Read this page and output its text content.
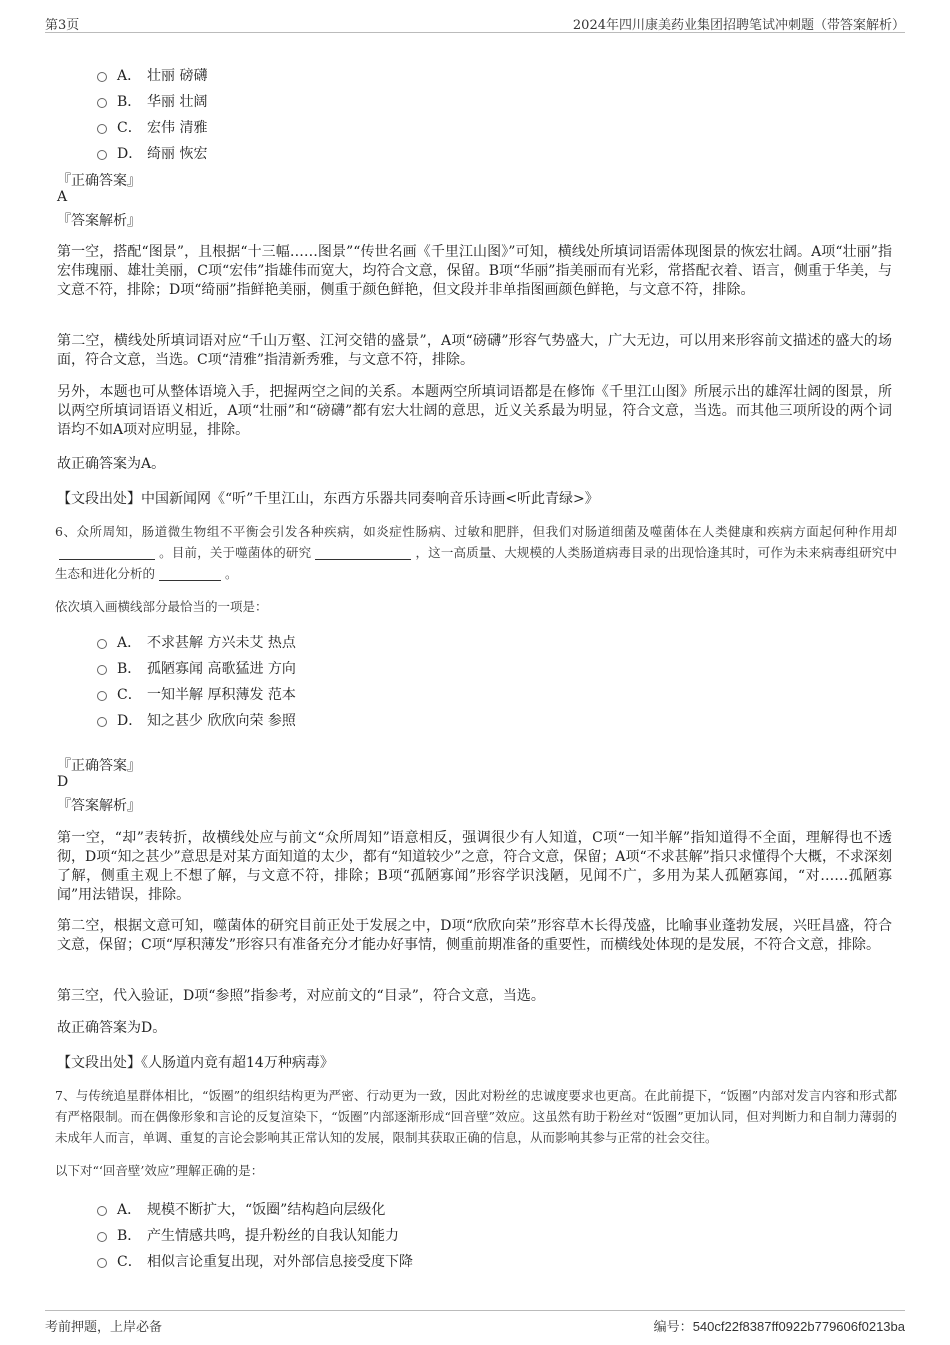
第3页	2024年四川康美药业集团招聘笔试冲刺题（带答案解析）
A． 壮丽 磅礴
B． 华丽 壮阔
C． 宏伟 清雅
D． 绮丽 恢宏
『正确答案』
A
『答案解析』
第一空，搭配“图景”，且根据“十三幅……图景”“传世名画《千里江山图》”可知，横线处所填词语需体现图景的恢宏壮阔。A项“壮丽”指宏伟瑰丽、雄壮美丽，C项“宏伟”指雄伟而宽大，均符合文意，保留。B项“华丽”指美丽而有光彩，常搭配衣着、语言，侧重于华美，与文意不符，排除；D项“绮丽”指鲜艳美丽，侧重于颜色鲜艳，但文段并非单指图画颜色鲜艳，与文意不符，排除。
第二空，横线处所填词语对应“千山万壑、江河交错的盛景”，A项“磅礴”形容气势盛大，广大无边，可以用来形容前文描述的盛大的场面，符合文意，当选。C项“清雅”指清新秀雅，与文意不符，排除。
另外，本题也可从整体语境入手，把握两空之间的关系。本题两空所填词语都是在修饰《千里江山图》所展示出的雄浑壮阔的图景，所以两空所填词语语义相近，A项“壮丽”和“磅礴”都有宏大壮阔的意思，近义关系最为明显，符合文意，当选。而其他三项所设的两个词语均不如A项对应明显，排除。
故正确答案为A。
【文段出处】中国新闻网《“听”千里江山，东西方乐器共同奏响音乐诗画<听此青绿>》
6、众所周知，肠道微生物组不平衡会引发各种疾病，如炎症性肠病、过敏和肥胖，但我们对肠道细菌及噬菌体在人类健康和疾病方面起何种作用却。目前，关于噬菌体的研究	，这一高质量、大规模的人类肠道病毒目录的出现恰逢其时，可作为未来病毒组研究中生态和进化分析的	。
依次填入画横线部分最恰当的一项是：
A． 不求甚解 方兴未艾 热点
B． 孤陋寡闻 高歌猛进 方向
C． 一知半解 厚积薄发 范本
D． 知之甚少 欣欣向荣 参照
『正确答案』
D
『答案解析』
第一空，“却”表转折，故横线处应与前文“众所周知”语意相反，强调很少有人知道，C项“一知半解”指知道得不全面，理解得也不透彻，D项“知之甚少”意思是对某方面知道的太少，都有“知道较少”之意，符合文意，保留；A项“不求甚解”指只求懂得个大概，不求深刻了解，侧重主观上不想了解，与文意不符，排除；B项“孤陋寡闻”形容学识浅陋，见闻不广，多用为某人孤陋寡闻，“对……孤陋寡闻”用法错误，排除。
第二空，根据文意可知，噬菌体的研究目前正处于发展之中，D项“欣欣向荣”形容草木长得茂盛，比喻事业蓬勃发展，兴旺昌盛，符合文意，保留；C项“厚积薄发”形容只有准备充分才能办好事情，侧重前期准备的重要性，而横线处体现的是发展，不符合文意，排除。
第三空，代入验证，D项“参照”指参考，对应前文的“目录”，符合文意，当选。
故正确答案为D。
【文段出处】《人肠道内竟有超14万种病毒》
7、与传统追星群体相比，“饭圈”的组织结构更为严密、行动更为一致，因此对粉丝的忠诚度要求也更高。在此前提下，“饭圈”内部对发言内容和形式都有严格限制。而在偶像形象和言论的反复渲染下，“饭圈”内部逐渐形成“回音壁”效应。这虽然有助于粉丝对“饭圈”更加认同，但对判断力和自制力薄弱的未成年人而言，单调、重复的言论会影响其正常认知的发展，限制其获取正确的信息，从而影响其参与正常的社会交往。
以下对“‘回音壁’效应”理解正确的是：
A． 规模不断扩大，“饭圈”结构趋向层级化
B． 产生情感共鸣，提升粉丝的自我认知能力
C． 相似言论重复出现，对外部信息接受度下降
考前押题，上岸必备	编号：540cf22f8387ff0922b779606f0213ba
